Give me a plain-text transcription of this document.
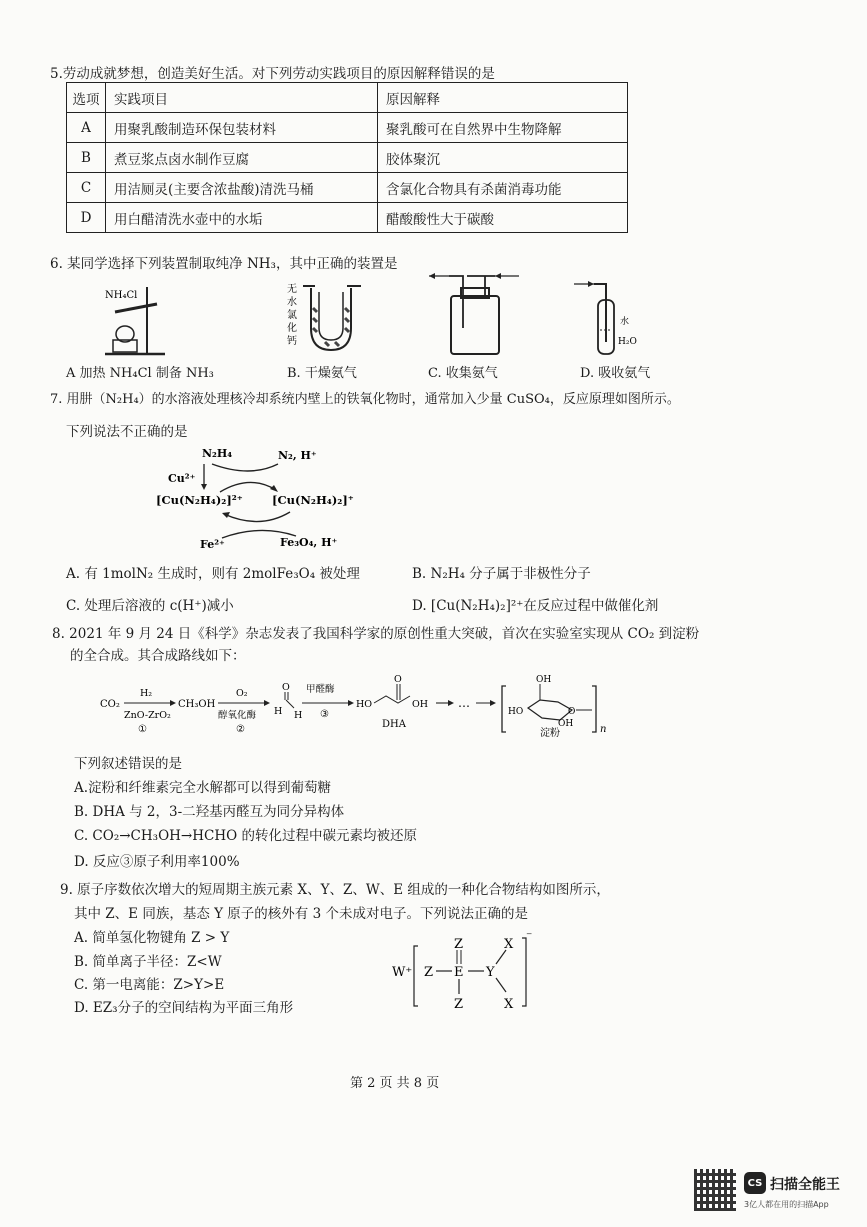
5.劳动成就梦想，创造美好生活。对下列劳动实践项目的原因解释错误的是
选项	实践项目	原因解释
A	用聚乳酸制造环保包装材料	聚乳酸可在自然界中生物降解
B	煮豆浆点卤水制作豆腐	胶体聚沉
C	用洁厕灵(主要含浓盐酸)清洗马桶	含氯化合物具有杀菌消毒功能
D	用白醋清洗水壶中的水垢	醋酸酸性大于碳酸
6. 某同学选择下列装置制取纯净 NH₃，其中正确的装置是
NH₄Cl
无
水
氯
化
钙
水
H₂O
A 加热 NH₄Cl 制备 NH₃	B. 干燥氨气	C. 收集氨气	D. 吸收氨气
7. 用肼（N₂H₄）的水溶液处理核冷却系统内壁上的铁氧化物时，通常加入少量 CuSO₄，反应原理如图所示。
下列说法不正确的是
N₂H₄	N₂, H⁺
Cu²⁺
[Cu(N₂H₄)₂]²⁺	[Cu(N₂H₄)₂]⁺
Fe²⁺	Fe₃O₄, H⁺
A. 有 1molN₂ 生成时，则有 2molFe₃O₄ 被处理	B. N₂H₄ 分子属于非极性分子
C. 处理后溶液的 c(H⁺)减小	D. [Cu(N₂H₄)₂]²⁺在反应过程中做催化剂
8. 2021 年 9 月 24 日《科学》杂志发表了我国科学家的原创性重大突破，首次在实验室实现从 CO₂ 到淀粉
的全合成。其合成路线如下：
CO₂
H₂
ZnO-ZrO₂
①
CH₃OH
O₂
醇氧化酶
②
O
H H
甲醛酶
③
HO
O
OH
DHA
…
OH
HO
OH
O
淀粉	n
下列叙述错误的是
A.淀粉和纤维素完全水解都可以得到葡萄糖
B. DHA 与 2，3-二羟基丙醛互为同分异构体
C. CO₂→CH₃OH→HCHO 的转化过程中碳元素均被还原
D. 反应③原子利用率100%
9. 原子序数依次增大的短周期主族元素 X、Y、Z、W、E 组成的一种化合物结构如图所示，
其中 Z、E 同族，基态 Y 原子的核外有 3 个未成对电子。下列说法正确的是
A. 简单氢化物键角 Z > Y
B. 简单离子半径：Z<W
C. 第一电离能：Z>Y>E
D. EZ₃分子的空间结构为平面三角形
W⁺
⁻
Z E
Z
Z
Y
X
X
第 2 页 共 8 页
CS 扫描全能王
3亿人都在用的扫描App
